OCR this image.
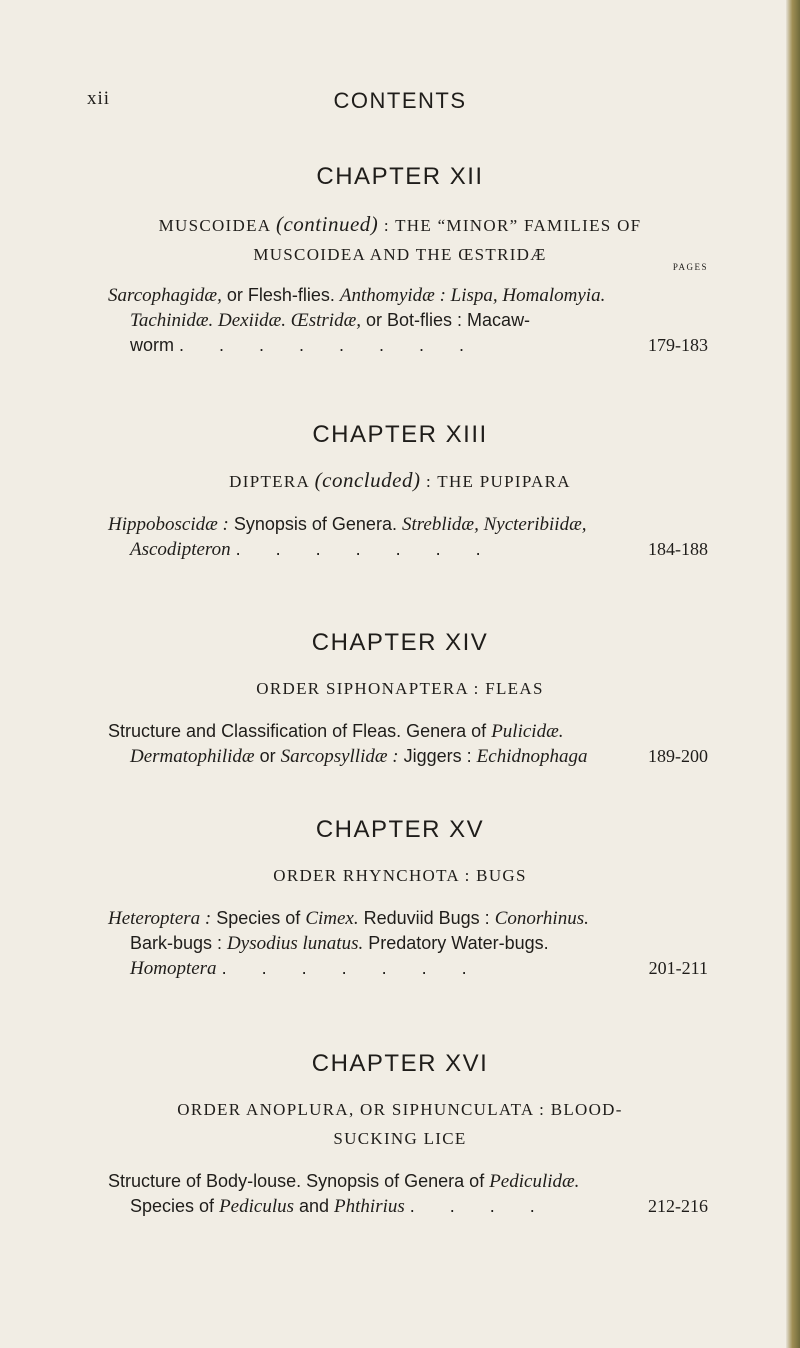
xii	CONTENTS
CHAPTER XII
MUSCOIDEA (continued) : THE “MINOR” FAMILIES OF
MUSCOIDEA AND THE ŒSTRIDÆ
PAGES
Sarcophagidæ, or Flesh-flies. Anthomyidæ : Lispa, Homalomyia.
Tachinidæ. Dexiidæ. Œstridæ, or Bot-flies : Macaw-
worm .       .       .       .       .       .       .       .	179-183
CHAPTER XIII
DIPTERA (concluded) : THE PUPIPARA
Hippoboscidæ : Synopsis of Genera. Streblidæ, Nycteribiidæ,
Ascodipteron .       .       .       .       .       .       .	184-188
CHAPTER XIV
ORDER SIPHONAPTERA : FLEAS
Structure and Classification of Fleas. Genera of Pulicidæ.
Dermatophilidæ or Sarcopsyllidæ : Jiggers : Echidnophaga	189-200
CHAPTER XV
ORDER RHYNCHOTA : BUGS
Heteroptera : Species of Cimex. Reduviid Bugs : Conorhinus.
Bark-bugs : Dysodius lunatus. Predatory Water-bugs.
Homoptera .       .       .       .       .       .       .	201-211
CHAPTER XVI
ORDER ANOPLURA, OR SIPHUNCULATA : BLOOD-
SUCKING LICE
Structure of Body-louse. Synopsis of Genera of Pediculidæ.
Species of Pediculus and Phthirius .       .       .       .	212-216
